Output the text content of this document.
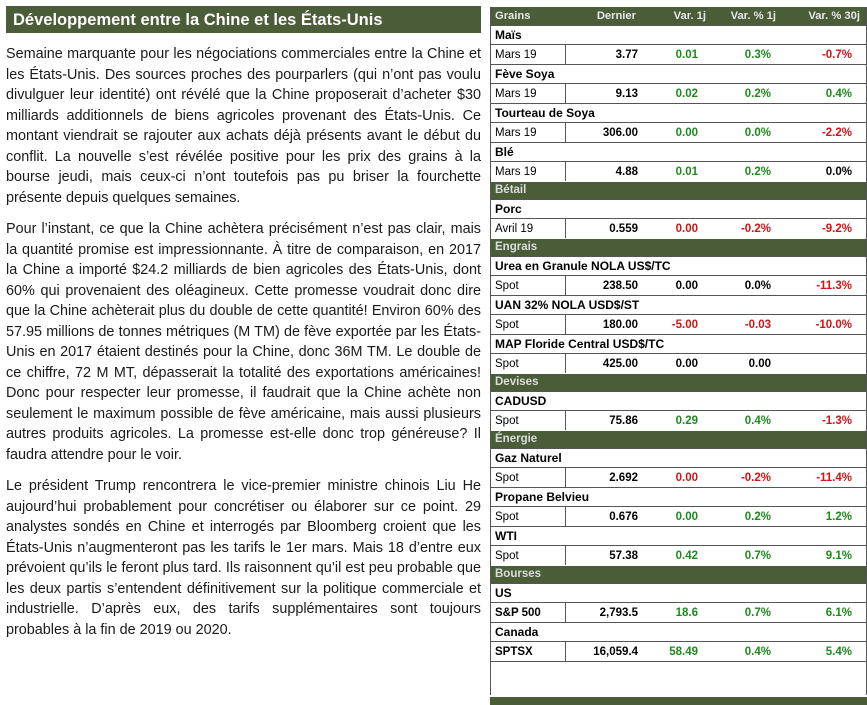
Développement entre la Chine et les États-Unis

Semaine marquante pour les négociations commerciales entre la Chine et les États-Unis. Des sources proches des pourparlers (qui n’ont pas voulu divulguer leur identité) ont révélé que la Chine proposerait d’acheter $30 milliards additionnels de biens agricoles provenant des États-Unis. Ce montant viendrait se rajouter aux achats déjà présents avant le début du conflit. La nouvelle s’est révélée positive pour les prix des grains à la bourse jeudi, mais ceux-ci n’ont toutefois pas pu briser la fourchette présente depuis quelques semaines.

Pour l’instant, ce que la Chine achètera précisément n’est pas clair, mais la quantité promise est impressionnante. À titre de comparaison, en 2017 la Chine a importé $24.2 milliards de bien agricoles des États-Unis, dont 60% qui provenaient des oléagineux. Cette promesse voudrait donc dire que la Chine achèterait plus du double de cette quantité! Environ 60% des 57.95 millions de tonnes métriques (M TM) de fève exportée par les États-Unis en 2017 étaient destinés pour la Chine, donc 36M TM. Le double de ce chiffre, 72 M MT, dépasserait la totalité des exportations américaines! Donc pour respecter leur promesse, il faudrait que la Chine achète non seulement le maximum possible de fève américaine, mais aussi plusieurs autres produits agricoles. La promesse est-elle donc trop généreuse? Il faudra attendre pour le voir.

Le président Trump rencontrera le vice-premier ministre chinois Liu He aujourd’hui probablement pour concrétiser ou élaborer sur ce point. 29 analystes sondés en Chine et interrogés par Bloomberg croient que les États-Unis n’augmenteront pas les tarifs le 1er mars. Mais 18 d’entre eux prévoient qu’ils le feront plus tard. Ils raisonnent qu’il est peu probable que les deux partis s’entendent définitivement sur la politique commerciale et industrielle. D’après eux, des tarifs supplémentaires sont toujours probables à la fin de 2019 ou 2020.

Grains	Dernier	Var. 1j	Var. % 1j	Var. % 30j
Maïs
Mars 19	3.77	0.01	0.3%	-0.7%
Fève Soya
Mars 19	9.13	0.02	0.2%	0.4%
Tourteau de Soya
Mars 19	306.00	0.00	0.0%	-2.2%
Blé
Mars 19	4.88	0.01	0.2%	0.0%
Bétail
Porc
Avril 19	0.559	0.00	-0.2%	-9.2%
Engrais
Urea en Granule NOLA US$/TC
Spot	238.50	0.00	0.0%	-11.3%
UAN 32% NOLA USD$/ST
Spot	180.00	-5.00	-0.03	-10.0%
MAP Floride Central USD$/TC
Spot	425.00	0.00	0.00
Devises
CADUSD
Spot	75.86	0.29	0.4%	-1.3%
Énergie
Gaz Naturel
Spot	2.692	0.00	-0.2%	-11.4%
Propane Belvieu
Spot	0.676	0.00	0.2%	1.2%
WTI
Spot	57.38	0.42	0.7%	9.1%
Bourses
US
S&P 500	2,793.5	18.6	0.7%	6.1%
Canada
SPTSX	16,059.4	58.49	0.4%	5.4%
